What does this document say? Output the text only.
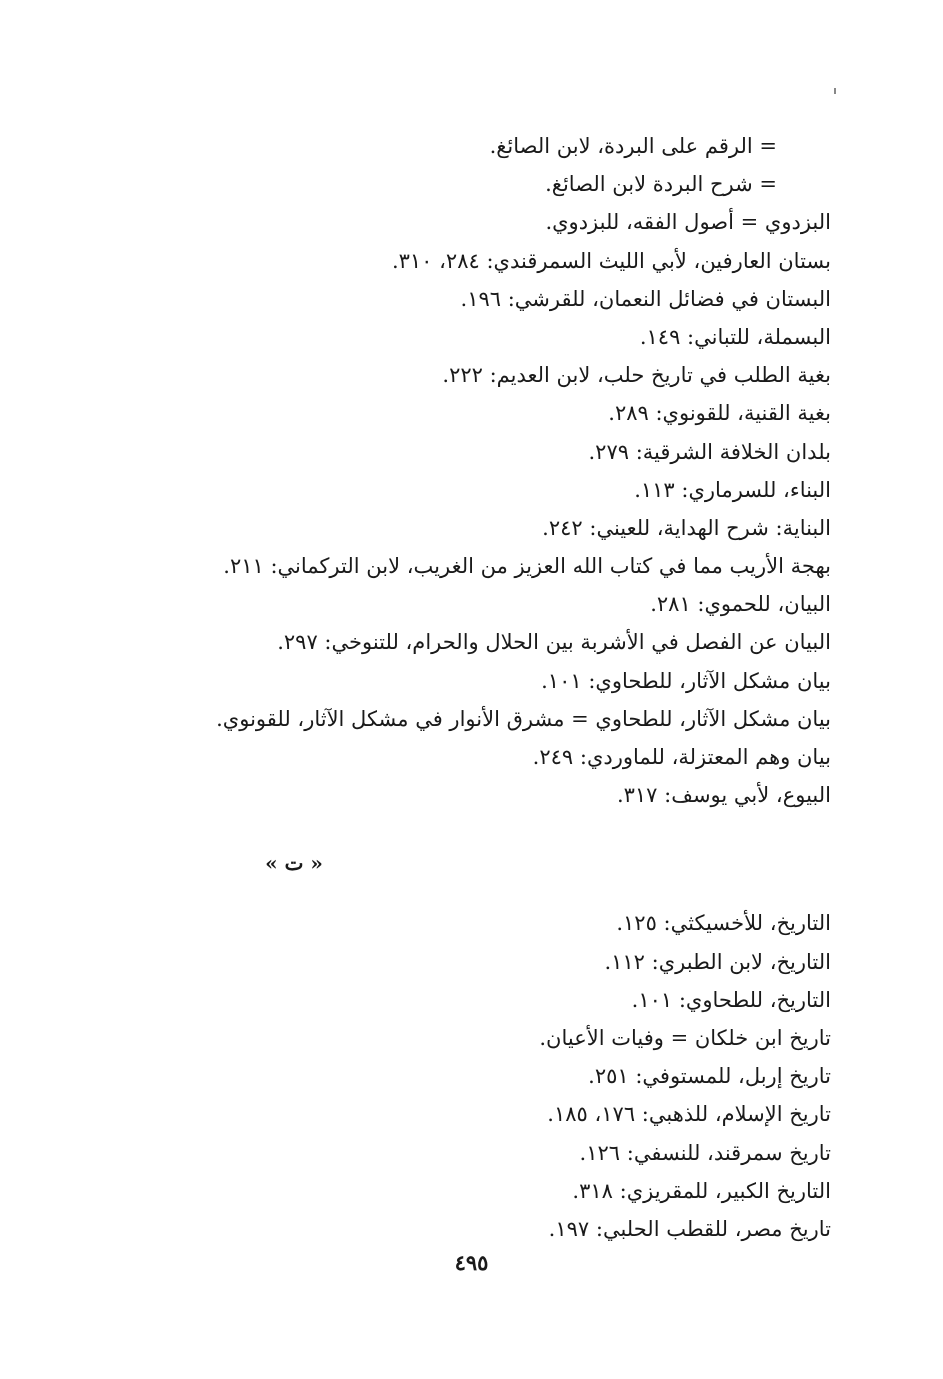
= الرقم على البردة، لابن الصائغ.
= شرح البردة لابن الصائغ.
البزدوي = أصول الفقه، للبزدوي.
بستان العارفين، لأبي الليث السمرقندي: ٢٨٤، ٣١٠.
البستان في فضائل النعمان، للقرشي: ١٩٦.
البسملة، للتباني: ١٤٩.
بغية الطلب في تاريخ حلب، لابن العديم: ٢٢٢.
بغية القنية، للقونوي: ٢٨٩.
بلدان الخلافة الشرقية: ٢٧٩.
البناء، للسرماري: ١١٣.
البناية: شرح الهداية، للعيني: ٢٤٢.
بهجة الأريب مما في كتاب الله العزيز من الغريب، لابن التركماني: ٢١١.
البيان، للحموي: ٢٨١.
البيان عن الفصل في الأشربة بين الحلال والحرام، للتنوخي: ٢٩٧.
بيان مشكل الآثار، للطحاوي: ١٠١.
بيان مشكل الآثار، للطحاوي = مشرق الأنوار في مشكل الآثار، للقونوي.
بيان وهم المعتزلة، للماوردي: ٢٤٩.
البيوع، لأبي يوسف: ٣١٧.
« ت »
التاريخ، للأخسيكثي: ١٢٥.
التاريخ، لابن الطبري: ١١٢.
التاريخ، للطحاوي: ١٠١.
تاريخ ابن خلكان = وفيات الأعيان.
تاريخ إربل، للمستوفي: ٢٥١.
تاريخ الإسلام، للذهبي: ١٧٦، ١٨٥.
تاريخ سمرقند، للنسفي: ١٢٦.
التاريخ الكبير، للمقريزي: ٣١٨.
تاريخ مصر، للقطب الحلبي: ١٩٧.
٤٩٥
